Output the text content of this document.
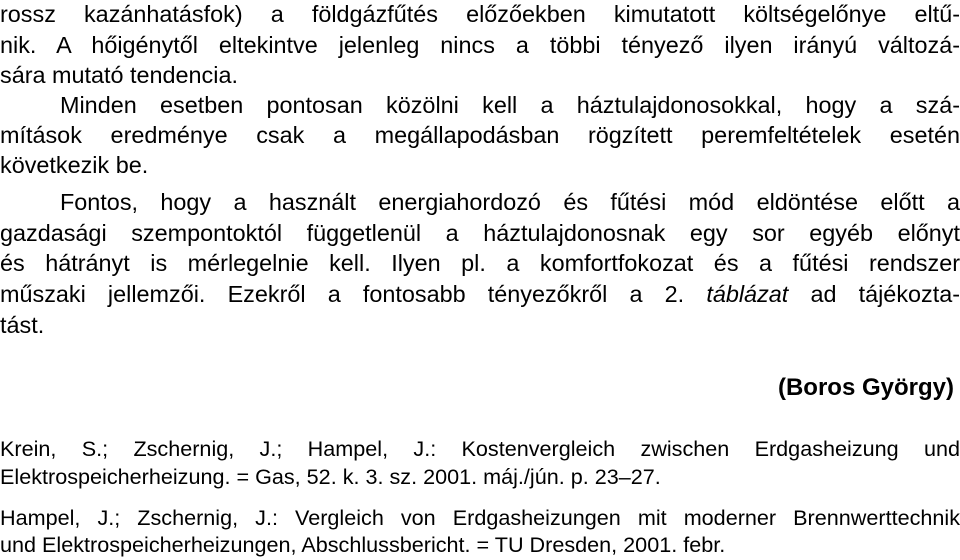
rossz kazánhatásfok) a földgázfűtés előzőekben kimutatott költségelőnye eltű-
nik. A hőigénytől eltekintve jelenleg nincs a többi tényező ilyen irányú változá-
sára mutató tendencia.
Minden esetben pontosan közölni kell a háztulajdonosokkal, hogy a szá-
mítások eredménye csak a megállapodásban rögzített peremfeltételek esetén
következik be.
Fontos, hogy a használt energiahordozó és fűtési mód eldöntése előtt a
gazdasági szempontoktól függetlenül a háztulajdonosnak egy sor egyéb előnyt
és hátrányt is mérlegelnie kell. Ilyen pl. a komfortfokozat és a fűtési rendszer
műszaki jellemzői. Ezekről a fontosabb tényezőkről a 2. táblázat ad tájékozta-
tást.
(Boros György)
Krein, S.; Zschernig, J.; Hampel, J.: Kostenvergleich zwischen Erdgasheizung und
Elektrospeicherheizung. = Gas, 52. k. 3. sz. 2001. máj./jún. p. 23–27.
Hampel, J.; Zschernig, J.: Vergleich von Erdgasheizungen mit moderner Brennwerttechnik
und Elektrospeicherheizungen, Abschlussbericht. = TU Dresden, 2001. febr.
